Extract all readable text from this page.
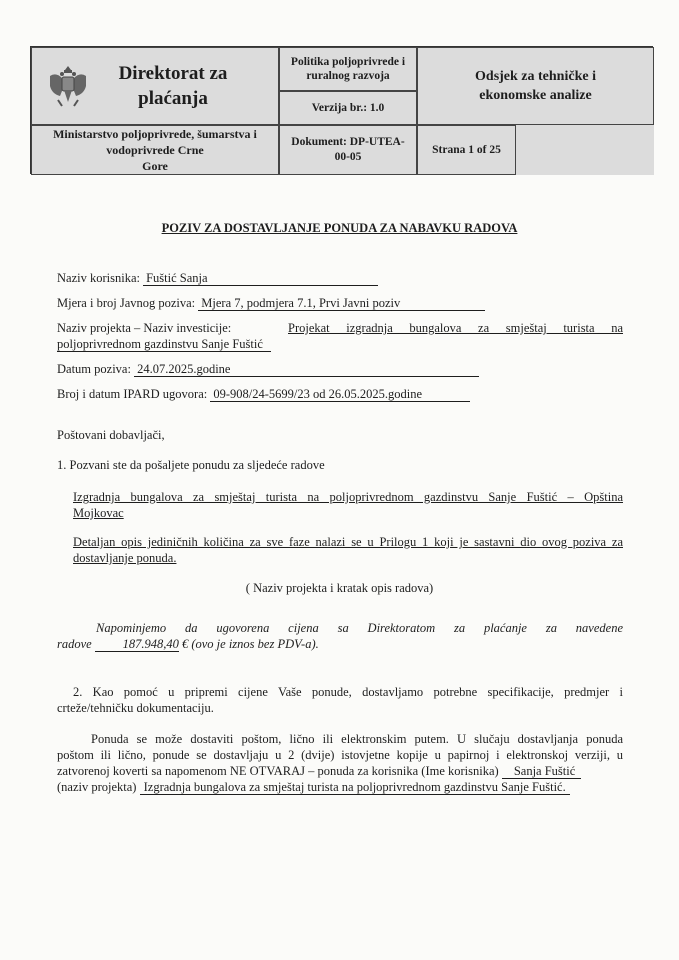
Direktorat za
plaćanja
Politika poljoprivrede i
ruralnog razvoja
Verzija br.: 1.0
Odsjek za tehničke i
ekonomske analize
Ministarstvo poljoprivrede, šumarstva i vodoprivrede Crne
Gore
Dokument: DP-UTEA-
00-05
Strana 1 of 25
POZIV ZA DOSTAVLJANJE PONUDA ZA NABAVKU RADOVA
Naziv korisnika: Fuštić Sanja
Mjera i broj Javnog poziva: Mjera 7, podmjera 7.1, Prvi Javni poziv
Naziv projekta – Naziv investicije:	Projekat izgradnja bungalova za smještaj turista na
poljoprivrednom gazdinstvu Sanje Fuštić
Datum poziva: 24.07.2025.godine
Broj i datum IPARD ugovora: 09-908/24-5699/23 od 26.05.2025.godine
Poštovani dobavljači,
1. Pozvani ste da pošaljete ponudu za sljedeće radove
Izgradnja bungalova za smještaj turista na poljoprivrednom gazdinstvu Sanje Fuštić – Opština
Mojkovac
Detaljan opis jediničnih količina za sve faze nalazi se u Prilogu 1 koji je sastavni dio ovog poziva za
dostavljanje ponuda.
( Naziv projekta i kratak opis radova)
Napominjemo da ugovorena cijena sa Direktoratom za plaćanje za navedene
radove 187.948,40 € (ovo je iznos bez PDV-a).
2. Kao pomoć u pripremi cijene Vaše ponude, dostavljamo potrebne specifikacije, predmjer i
crteže/tehničku dokumentaciju.
Ponuda se može dostaviti poštom, lično ili elektronskim putem. U slučaju dostavljanja ponuda
poštom ili lično, ponude se dostavljaju u 2 (dvije) istovjetne kopije u papirnoj i elektronskoj verziji, u
zatvorenoj koverti sa napomenom NE OTVARAJ – ponuda za korisnika (Ime korisnika) Sanja Fuštić
(naziv projekta) Izgradnja bungalova za smještaj turista na poljoprivrednom gazdinstvu Sanje Fuštić.
